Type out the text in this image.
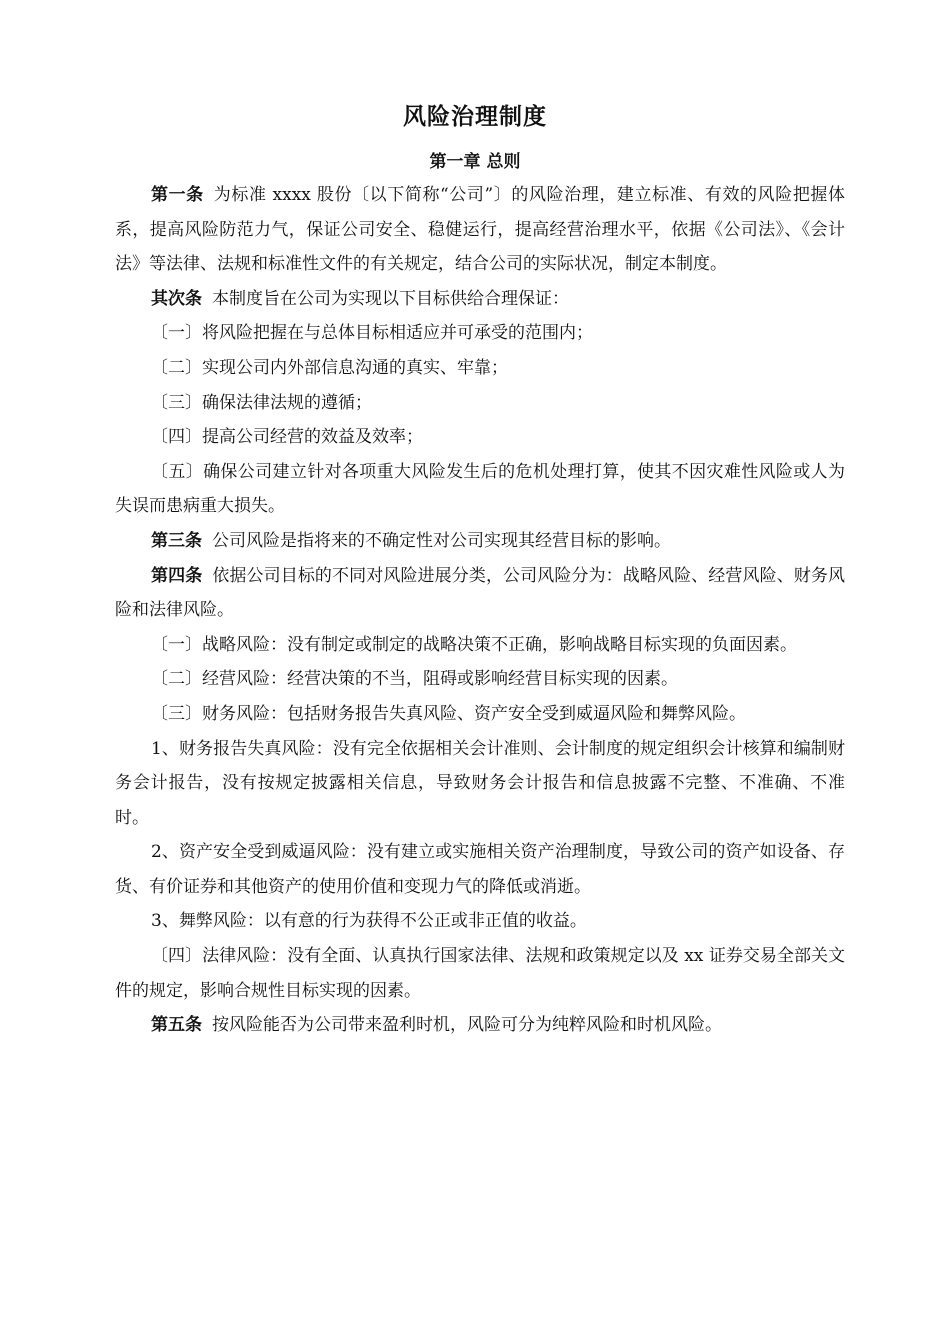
风险治理制度
第一章 总则

第一条 为标准 xxxx 股份〔以下简称“公司”〕的风险治理，建立标准、有效的风险把握体系，提高风险防范力气，保证公司安全、稳健运行，提高经营治理水平，依据《公司法》、《会计法》等法律、法规和标准性文件的有关规定，结合公司的实际状况，制定本制度。

其次条 本制度旨在公司为实现以下目标供给合理保证：

〔一〕将风险把握在与总体目标相适应并可承受的范围内；

〔二〕实现公司内外部信息沟通的真实、牢靠；

〔三〕确保法律法规的遵循；

〔四〕提高公司经营的效益及效率；

〔五〕确保公司建立针对各项重大风险发生后的危机处理打算，使其不因灾难性风险或人为失误而患病重大损失。

第三条 公司风险是指将来的不确定性对公司实现其经营目标的影响。

第四条 依据公司目标的不同对风险进展分类，公司风险分为：战略风险、经营风险、财务风险和法律风险。

〔一〕战略风险：没有制定或制定的战略决策不正确，影响战略目标实现的负面因素。

〔二〕经营风险：经营决策的不当，阻碍或影响经营目标实现的因素。

〔三〕财务风险：包括财务报告失真风险、资产安全受到威逼风险和舞弊风险。

1、财务报告失真风险：没有完全依据相关会计准则、会计制度的规定组织会计核算和编制财务会计报告，没有按规定披露相关信息，导致财务会计报告和信息披露不完整、不准确、不准时。

2、资产安全受到威逼风险：没有建立或实施相关资产治理制度，导致公司的资产如设备、存货、有价证券和其他资产的使用价值和变现力气的降低或消逝。

3、舞弊风险：以有意的行为获得不公正或非正值的收益。

〔四〕法律风险：没有全面、认真执行国家法律、法规和政策规定以及 xx 证券交易全部关文件的规定，影响合规性目标实现的因素。

第五条 按风险能否为公司带来盈利时机，风险可分为纯粹风险和时机风险。
